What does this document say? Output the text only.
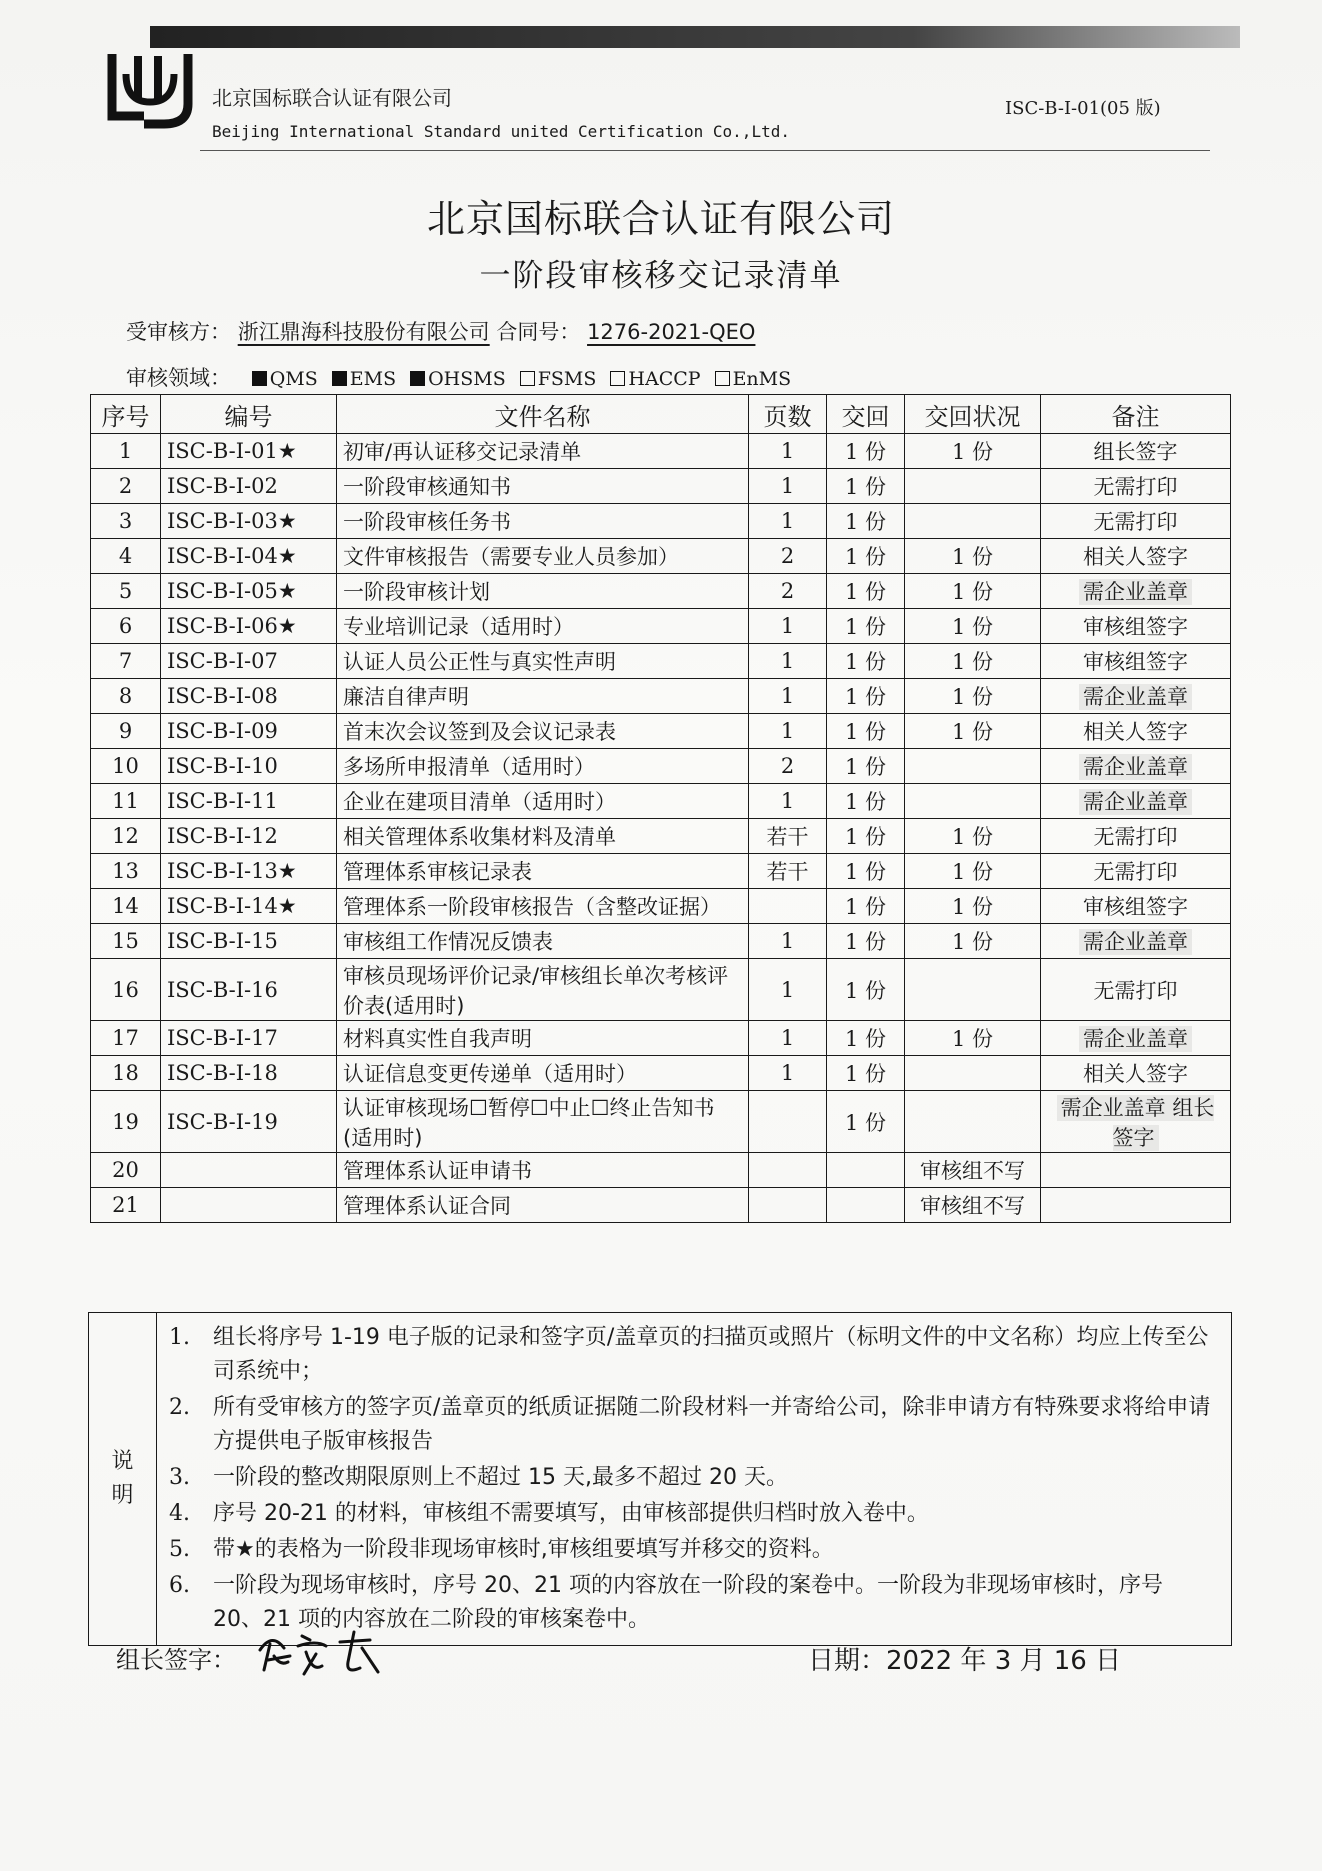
北京国标联合认证有限公司
Beijing International Standard united Certification Co.,Ltd.
ISC-B-I-01(05 版)
北京国标联合认证有限公司
一阶段审核移交记录清单
受审核方： 浙江鼎海科技股份有限公司 合同号： 1276-2021-QEO
审核领域： QMS EMS OHSMS FSMS HACCP EnMS
序号	编号	文件名称	页数	交回	交回状况	备注
1	ISC-B-I-01★	初审/再认证移交记录清单	1	1 份	1 份	组长签字
2	ISC-B-I-02	一阶段审核通知书	1	1 份		无需打印
3	ISC-B-I-03★	一阶段审核任务书	1	1 份		无需打印
4	ISC-B-I-04★	文件审核报告（需要专业人员参加）	2	1 份	1 份	相关人签字
5	ISC-B-I-05★	一阶段审核计划	2	1 份	1 份	需企业盖章
6	ISC-B-I-06★	专业培训记录（适用时）	1	1 份	1 份	审核组签字
7	ISC-B-I-07	认证人员公正性与真实性声明	1	1 份	1 份	审核组签字
8	ISC-B-I-08	廉洁自律声明	1	1 份	1 份	需企业盖章
9	ISC-B-I-09	首末次会议签到及会议记录表	1	1 份	1 份	相关人签字
10	ISC-B-I-10	多场所申报清单（适用时）	2	1 份		需企业盖章
11	ISC-B-I-11	企业在建项目清单（适用时）	1	1 份		需企业盖章
12	ISC-B-I-12	相关管理体系收集材料及清单	若干	1 份	1 份	无需打印
13	ISC-B-I-13★	管理体系审核记录表	若干	1 份	1 份	无需打印
14	ISC-B-I-14★	管理体系一阶段审核报告（含整改证据）		1 份	1 份	审核组签字
15	ISC-B-I-15	审核组工作情况反馈表	1	1 份	1 份	需企业盖章
16	ISC-B-I-16	审核员现场评价记录/审核组长单次考核评价表(适用时)	1	1 份		无需打印
17	ISC-B-I-17	材料真实性自我声明	1	1 份	1 份	需企业盖章
18	ISC-B-I-18	认证信息变更传递单（适用时）	1	1 份		相关人签字
19	ISC-B-I-19	认证审核现场☐暂停☐中止☐终止告知书(适用时)		1 份		需企业盖章 组长签字
20		管理体系认证申请书			审核组不写	
21		管理体系认证合同			审核组不写	
说明	
1.	组长将序号 1-19 电子版的记录和签字页/盖章页的扫描页或照片（标明文件的中文名称）均应上传至公司系统中；
2.	所有受审核方的签字页/盖章页的纸质证据随二阶段材料一并寄给公司，除非申请方有特殊要求将给申请方提供电子版审核报告
3.	一阶段的整改期限原则上不超过 15 天,最多不超过 20 天。
4.	序号 20-21 的材料，审核组不需要填写，由审核部提供归档时放入卷中。
5.	带★的表格为一阶段非现场审核时,审核组要填写并移交的资料。
6.	一阶段为现场审核时，序号 20、21 项的内容放在一阶段的案卷中。一阶段为非现场审核时，序号 20、21 项的内容放在二阶段的审核案卷中。
组长签字：	日期：2022 年 3 月 16 日
